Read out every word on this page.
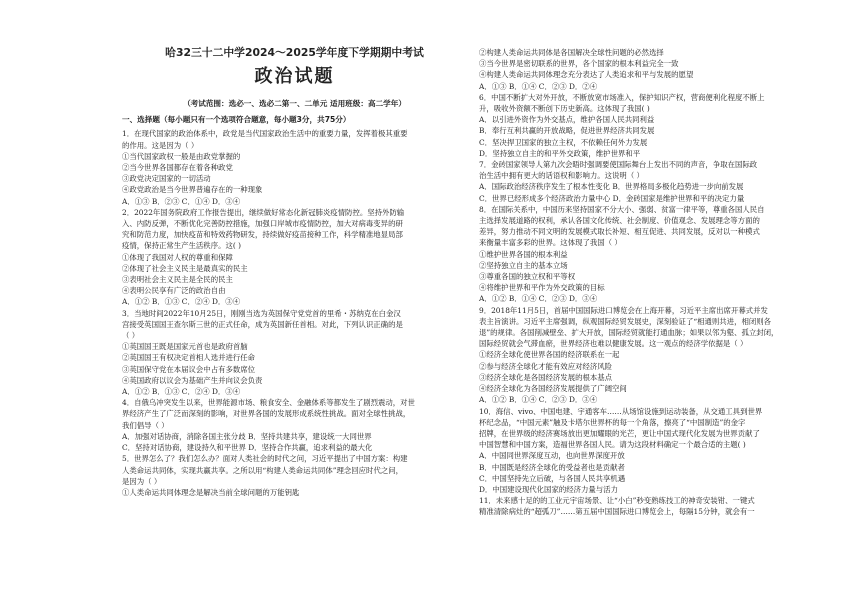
哈32三十二中学2024～2025学年度下学期期中考试

政治试题

（考试范围：选必一、选必二第一、二单元 适用班级：高二学年）

一、选择题（每小题只有一个选项符合题意，每小题3分，共75分）

1．在现代国家的政治体系中，政党是当代国家政治生活中的重要力量，发挥着极其重要

的作用。这是因为（ ）

①当代国家政权一般是由政党掌握的

②当今世界各国都存在着各种政党

③政党决定国家的一切活动

④政党政治是当今世界普遍存在的一种现象

A．①③ B．②③ C．①④ D．③④

2．2022年国务院政府工作报告提出，继续做好常态化新冠肺炎疫情防控。坚持外防输

入、内防反弹，不断优化完善防控措施，加强口岸城市疫情防控，加大对病毒变异的研

究和防范力度，加快疫苗和特效药物研发，持续做好疫苗接种工作，科学精准地显局部

疫情，保持正常生产生活秩序。这( )

①体现了我国对人权的尊重和保障

②体现了社会主义民主是最真实的民主

③表明社会主义民主是全民的民主

④表明公民享有广泛的政治自由

A．①② B．①③ C．②④ D．③④

3．当地时间2022年10月25日，刚刚当选为英国保守党党首的里希・苏纳克在白金汉

宫接受英国国王查尔斯三世的正式任命，成为英国新任首相。对此，下列认识正确的是

（ ）

①英国国王既是国家元首也是政府首脑

②英国国王有权决定首相人选并进行任命

③英国保守党在本届议会中占有多数席位

④英国政府以议会为基础产生并向议会负责

A．①② B．①③ C．②④ D．③④

4．自俄乌冲突发生以来，世界能源市场、粮食安全、金融体系等都发生了剧烈震动，对世

界经济产生了广泛而深刻的影响，对世界各国的发展形成系统性挑战。面对全球性挑战，

我们倡导（ ）

A．加强对话协商，消除各国主张分歧 B．坚持共建共享，建设统一大同世界

C．坚持对话协商，建设持久和平世界 D．坚持合作共赢，追求利益的最大化

5．世界怎么了？我们怎么办？面对人类社会的时代之问，习近平提出了中国方案：构建

人类命运共同体，实现共赢共享。之所以用“构建人类命运共同体”理念回应时代之问，

是因为（ ）

①人类命运共同体理念是解决当前全球问题的万能钥匙

②构建人类命运共同体是各国解决全球性问题的必然选择

③当今世界是密切联系的世界，各个国家的根本利益完全一致

④构建人类命运共同体理念充分表达了人类追求和平与发展的愿望

A．①③ B．①④ C．②③ D．②④

6．中国不断扩大对外开放，不断放宽市场准入，保护知识产权，营商便利化程度不断上

升，吸收外资额不断创下历史新高。这体现了我国( )

A．以引进外资作为外交基点，维护各国人民共同利益

B．奉行互利共赢的开放战略，促进世界经济共同发展

C．坚决捍卫国家的独立主权，不依赖任何外力发展

D．坚持独立自主的和平外交政策，维护世界和平

7．金砖国家领导人第九次会晤时强调要使国际舞台上发出不同的声音，争取在国际政

治生活中拥有更大的话语权和影响力。这说明（ ）

A．国际政治经济秩序发生了根本性变化 B．世界格局多极化趋势进一步向前发展

C．世界已经形成多个经济政治力量中心 D．金砖国家是维护世界和平的决定力量

8．在国际关系中，中国历来坚持国家不分大小、强弱、贫富一律平等，尊重各国人民自

主选择发展道路的权利，承认各国文化传统、社会制度、价值观念、发展理念等方面的

差异，努力推动不同文明的发展模式取长补短、相互促进、共同发展，反对以一种模式

来衡量丰富多彩的世界。这体现了我国（ ）

①维护世界各国的根本利益

②坚持独立自主的基本立场

③尊重各国的独立权和平等权

④将维护世界和平作为外交政策的目标

A．①② B．①④ C．②③ D．③④

9．2018年11月5日，首届中国国际进口博览会在上海开幕，习近平主席出席开幕式并发

表主旨演讲。习近平主席强调，纵观国际经贸发展史，深刻验证了“相通则共进，相闭则各

退”的规律。各国削减壁垒、扩大开放，国际经贸就能打通血脉；如果以邻为壑、孤立封闭，

国际经贸就会气滞血瘀，世界经济也难以健康发展。这一观点的经济学依据是（ ）

①经济全球化使世界各国的经济联系在一起

②参与经济全球化才能有效应对经济风险

③经济全球化是各国经济发展的根本基点

④经济全球化为各国经济发展提供了广阔空间

A．①② B．①④ C．②③ D．③④

10．海信、vivo、中国电建、宇通客车……从场馆设施到运动装备，从交通工具到世界

杯纪念品，“中国元素”触及卡塔尔世界杯的每一个角落，擦亮了“中国制造”的金字

招牌，在世界级的经济赛场放出更加耀眼的光芒，更让中国式现代化发展为世界贡献了

中国智慧和中国方案，造福世界各国人民。请为这段材料确定一个最合适的主题( )

A．中国同世界深度互动，也向世界深度开放

B．中国既是经济全球化的受益者也是贡献者

C．中国坚持先立后破，与各国人民共享机遇

D．中国建设现代化国家的经济力量与活力

11．未来感十足的的工业元宇宙场景、让“小白”秒变熟练技工的神奇安装钳、一键式

精准清除病灶的“超弧刀”……第五届中国国际进口博览会上，每隔15分钟，就会有一
